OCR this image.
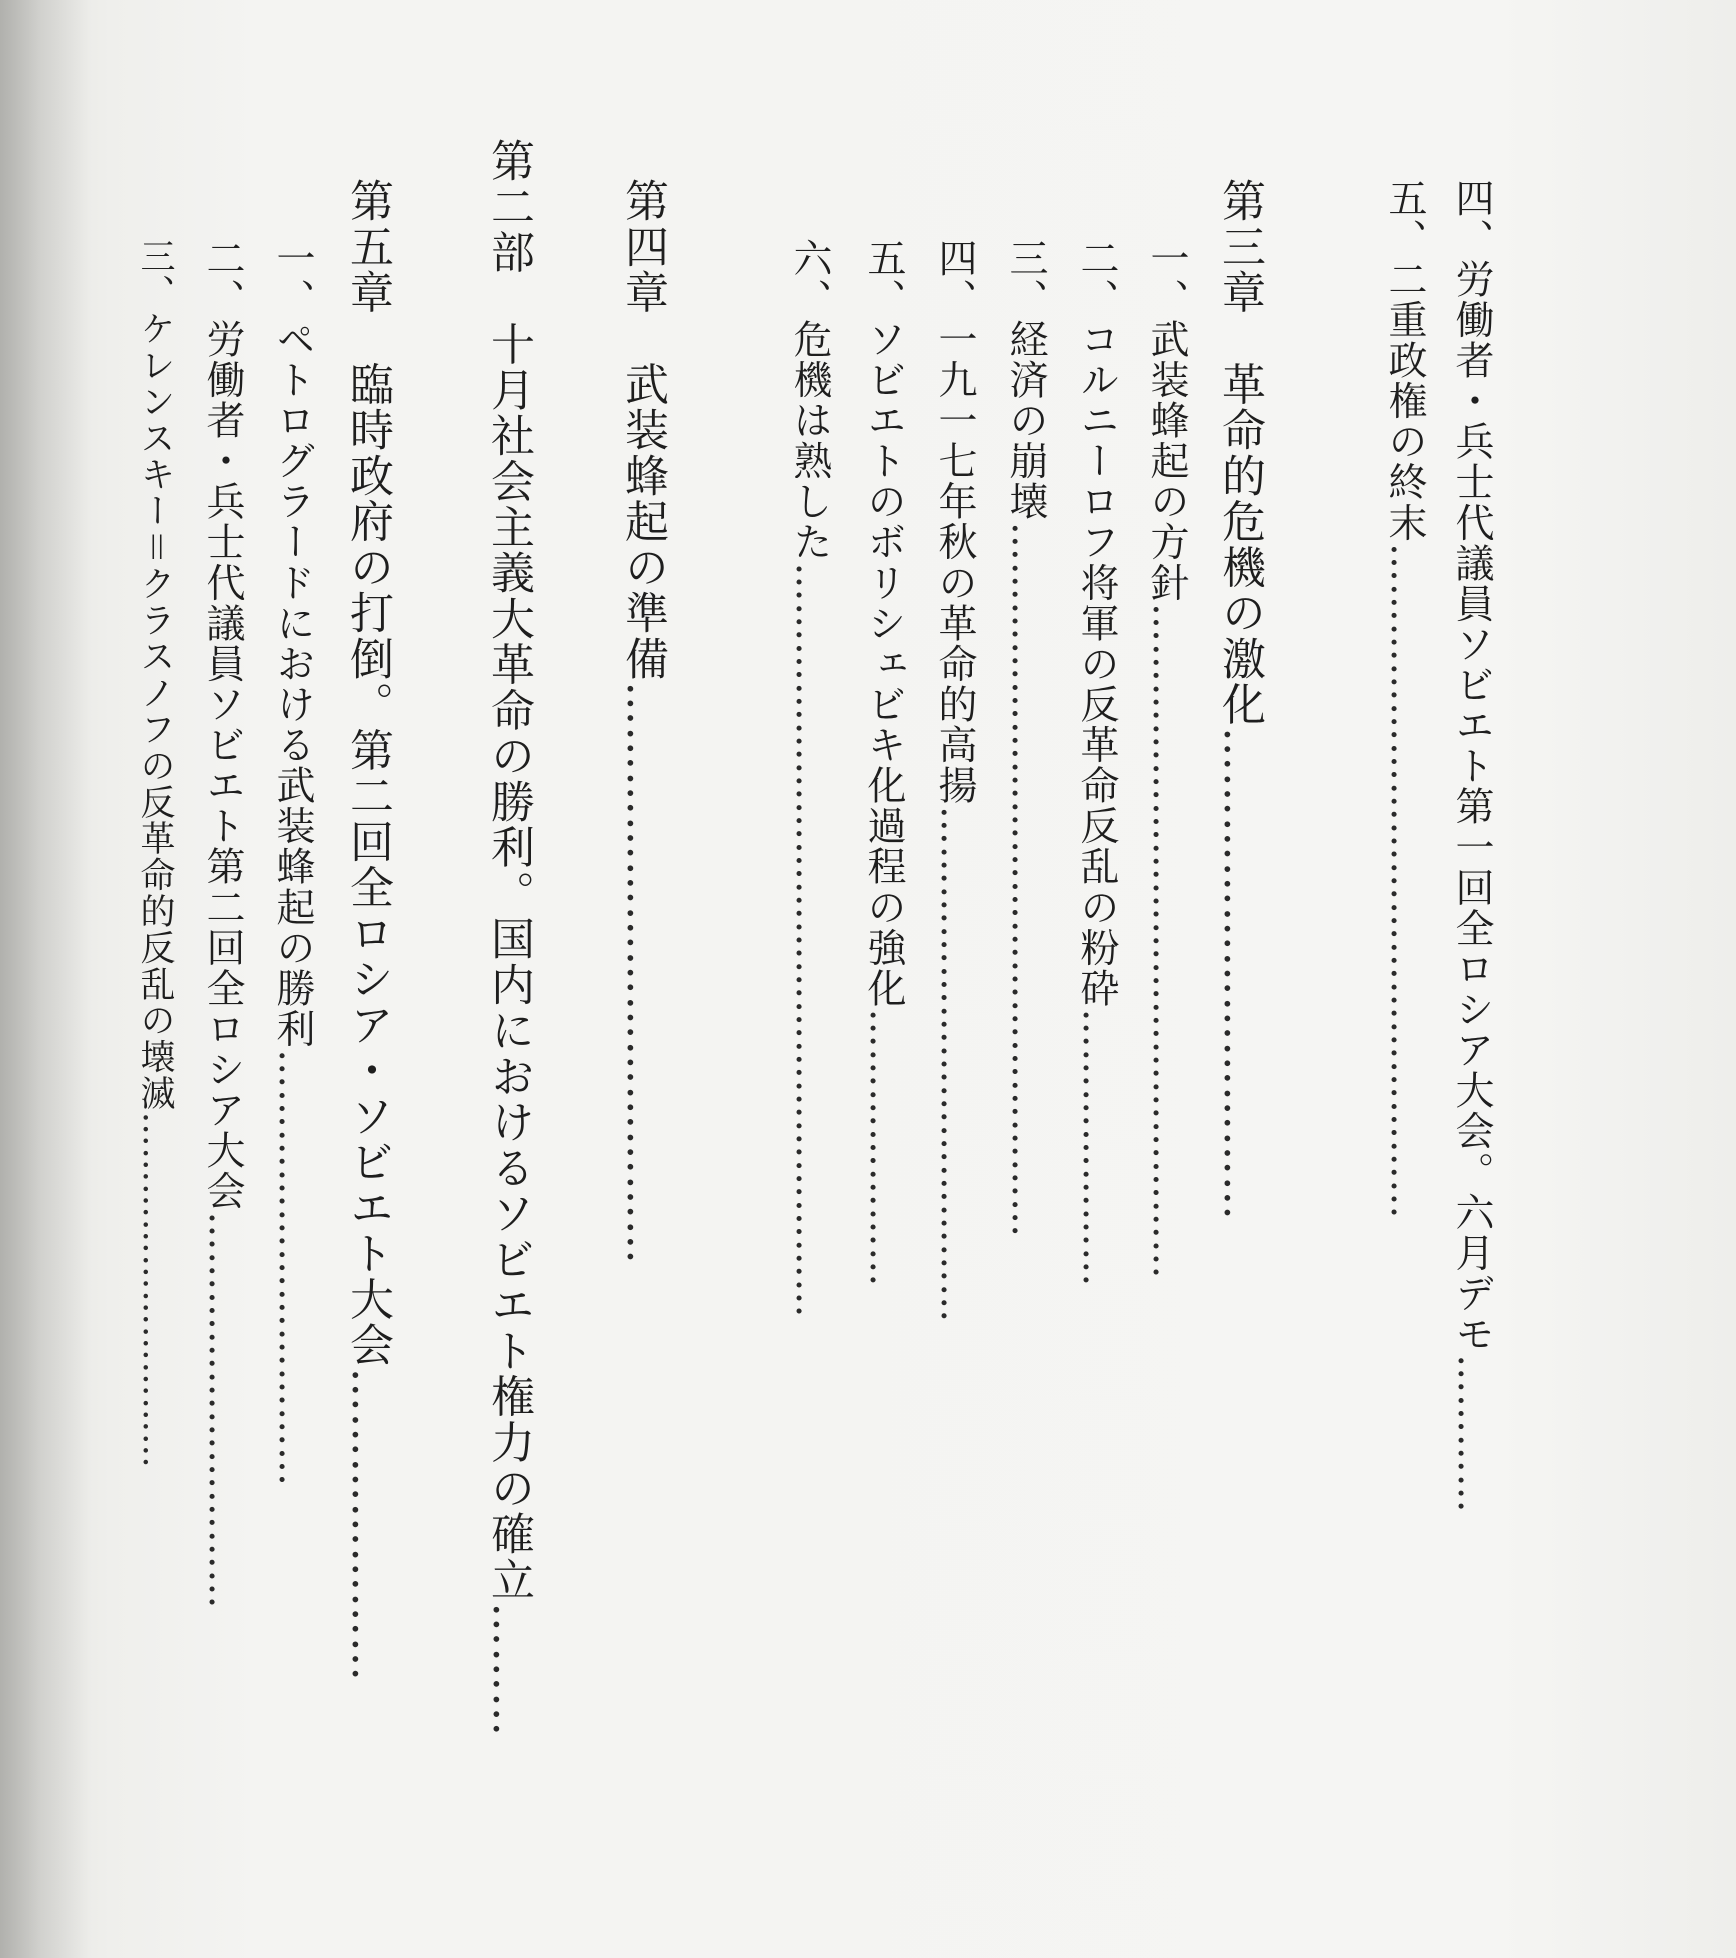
四、労働者・兵士代議員ソビエト第一回全ロシア大会。六月デモ…………
五、二重政権の終末……………………………………………
第三章　革命的危機の激化……………………………
一、武装蜂起の方針……………………………………………
二、コルニーロフ将軍の反革命反乱の粉砕…………………
三、経済の崩壊………………………………………………
四、一九一七年秋の革命的高揚…………………………………
五、ソビエトのボリシェビキ化過程の強化…………………
六、危機は熟した…………………………………………………
第四章　武装蜂起の準備…………………………………
第二部　十月社会主義大革命の勝利。国内におけるソビエト権力の確立………
第五章　臨時政府の打倒。第二回全ロシア・ソビエト大会…………………
一、ペトログラードにおける武装蜂起の勝利……………………………
二、労働者・兵士代議員ソビエト第二回全ロシア大会…………………………
三、ケレンスキー＝クラスノフの反革命的反乱の壊滅…………………………
